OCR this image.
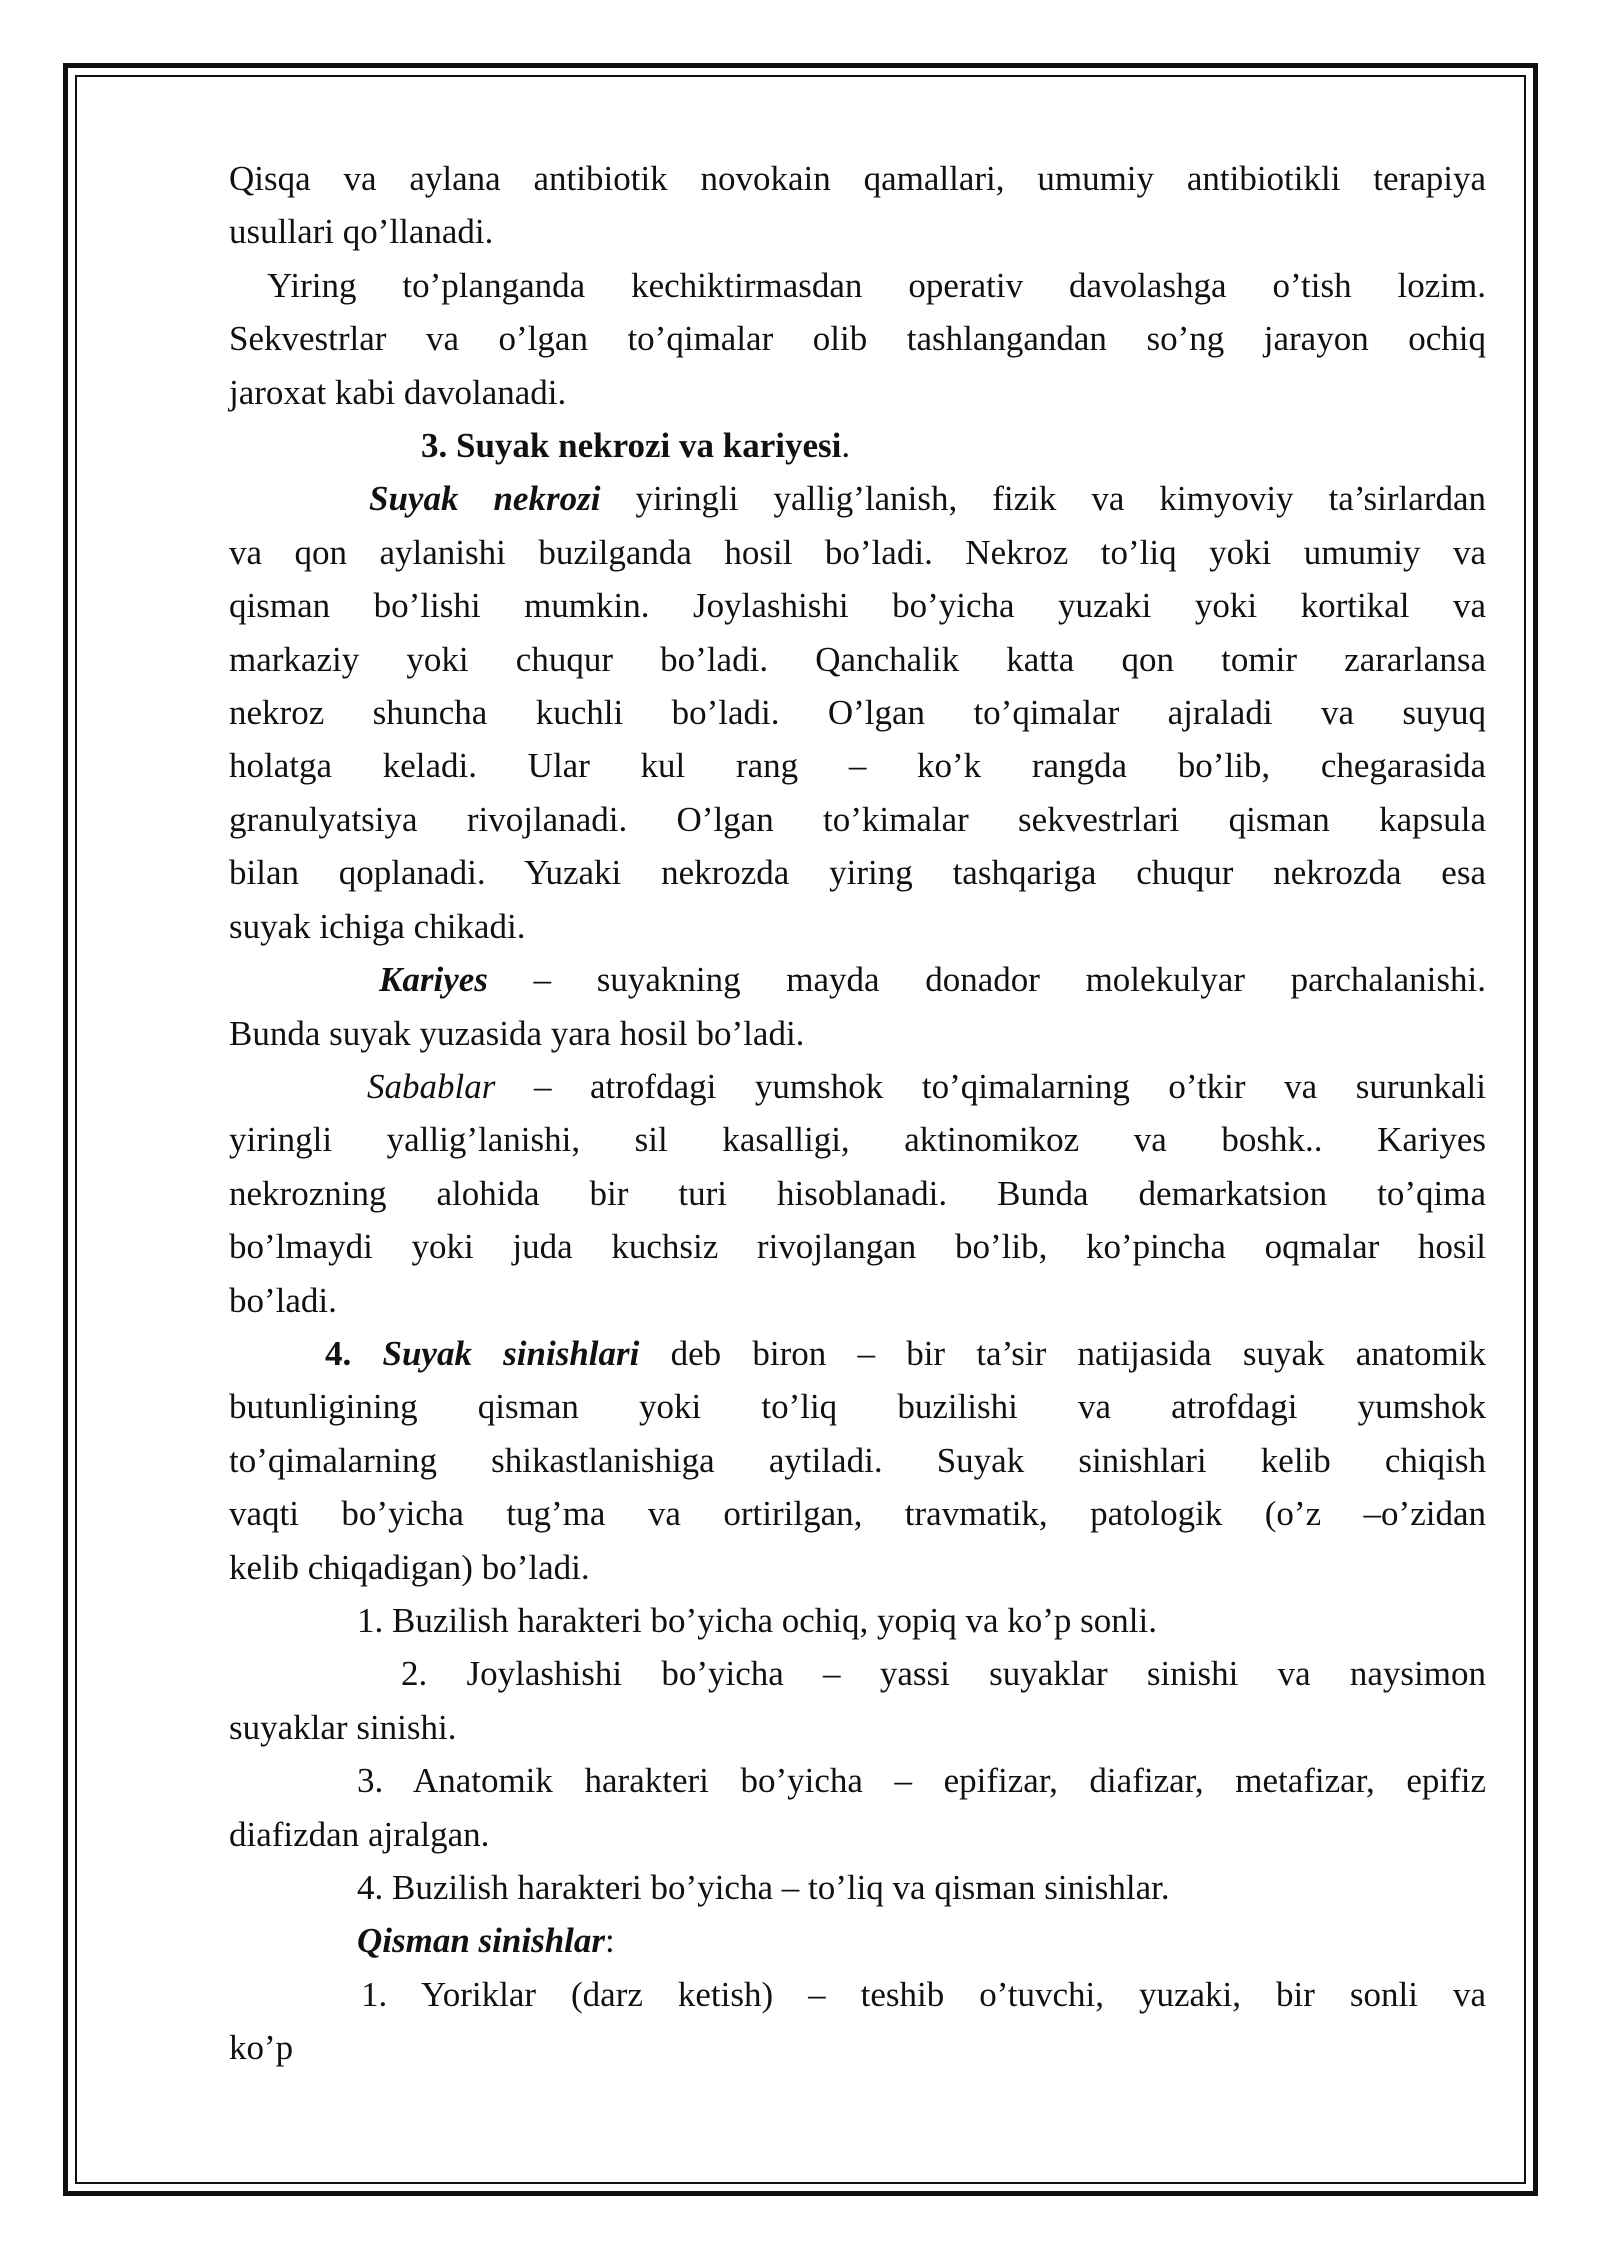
Qisqa va aylana antibiotik novokain qamallari, umumiy antibiotikli terapiya
usullari qo’llanadi.

Yiring to’planganda kechiktirmasdan operativ davolashga o’tish lozim.
Sekvestrlar va o’lgan to’qimalar olib tashlangandan so’ng jarayon ochiq
jaroxat kabi davolanadi.

3. Suyak nekrozi va kariyesi.

Suyak nekrozi yiringli yallig’lanish, fizik va kimyoviy ta’sirlardan
va qon aylanishi buzilganda hosil bo’ladi. Nekroz to’liq yoki umumiy va
qisman bo’lishi mumkin. Joylashishi bo’yicha yuzaki yoki kortikal va
markaziy yoki chuqur bo’ladi. Qanchalik katta qon tomir zararlansa
nekroz shuncha kuchli bo’ladi. O’lgan to’qimalar ajraladi va suyuq
holatga keladi. Ular kul rang – ko’k rangda bo’lib, chegarasida
granulyatsiya rivojlanadi. O’lgan to’kimalar sekvestrlari qisman kapsula
bilan qoplanadi. Yuzaki nekrozda yiring tashqariga chuqur nekrozda esa
suyak ichiga chikadi.

Kariyes – suyakning mayda donador molekulyar parchalanishi.
Bunda suyak yuzasida yara hosil bo’ladi.

Sabablar – atrofdagi yumshok to’qimalarning o’tkir va surunkali
yiringli yallig’lanishi, sil kasalligi, aktinomikoz va boshk.. Kariyes
nekrozning alohida bir turi hisoblanadi. Bunda demarkatsion to’qima
bo’lmaydi yoki juda kuchsiz rivojlangan bo’lib, ko’pincha oqmalar hosil
bo’ladi.

4. Suyak sinishlari deb biron – bir ta’sir natijasida suyak anatomik
butunligining qisman yoki to’liq buzilishi va atrofdagi yumshok
to’qimalarning shikastlanishiga aytiladi. Suyak sinishlari kelib chiqish
vaqti bo’yicha tug’ma va ortirilgan, travmatik, patologik (o’z –o’zidan
kelib chiqadigan) bo’ladi.

1. Buzilish harakteri bo’yicha ochiq, yopiq va ko’p sonli.

2. Joylashishi bo’yicha – yassi suyaklar sinishi va naysimon
suyaklar sinishi.

3. Anatomik harakteri bo’yicha – epifizar, diafizar, metafizar, epifiz
diafizdan ajralgan.

4. Buzilish harakteri bo’yicha – to’liq va qisman sinishlar.

Qisman sinishlar:

1. Yoriklar (darz ketish) – teshib o’tuvchi, yuzaki, bir sonli va
ko’p
